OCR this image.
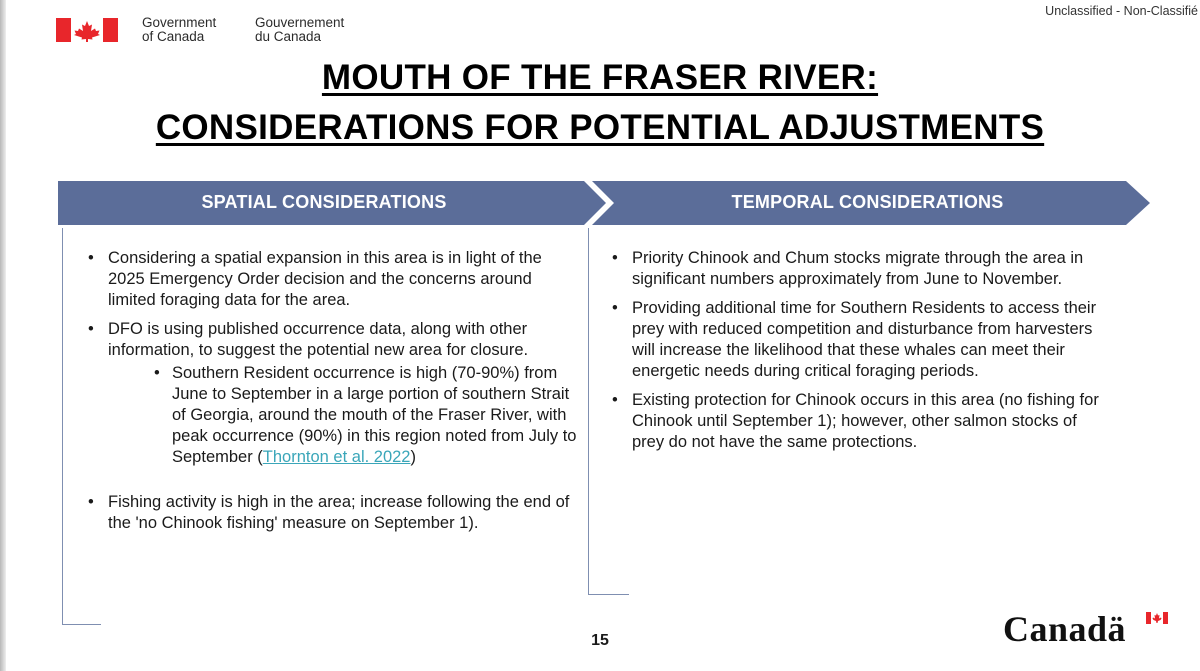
Government
of Canada
Gouvernement
du Canada
Unclassified - Non-Classifié
MOUTH OF THE FRASER RIVER:
CONSIDERATIONS FOR POTENTIAL ADJUSTMENTS
SPATIAL CONSIDERATIONS	TEMPORAL CONSIDERATIONS
• Considering a spatial expansion in this area is in light of the 2025 Emergency Order decision and the concerns around limited foraging data for the area.
• DFO is using published occurrence data, along with other information, to suggest the potential new area for closure.
• Southern Resident occurrence is high (70-90%) from June to September in a large portion of southern Strait of Georgia, around the mouth of the Fraser River, with peak occurrence (90%) in this region noted from July to September (Thornton et al. 2022)
• Fishing activity is high in the area; increase following the end of the 'no Chinook fishing' measure on September 1).
• Priority Chinook and Chum stocks migrate through the area in significant numbers approximately from June to November.
• Providing additional time for Southern Residents to access their prey with reduced competition and disturbance from harvesters will increase the likelihood that these whales can meet their energetic needs during critical foraging periods.
• Existing protection for Chinook occurs in this area (no fishing for Chinook until September 1); however, other salmon stocks of prey do not have the same protections.
15	Canadä
